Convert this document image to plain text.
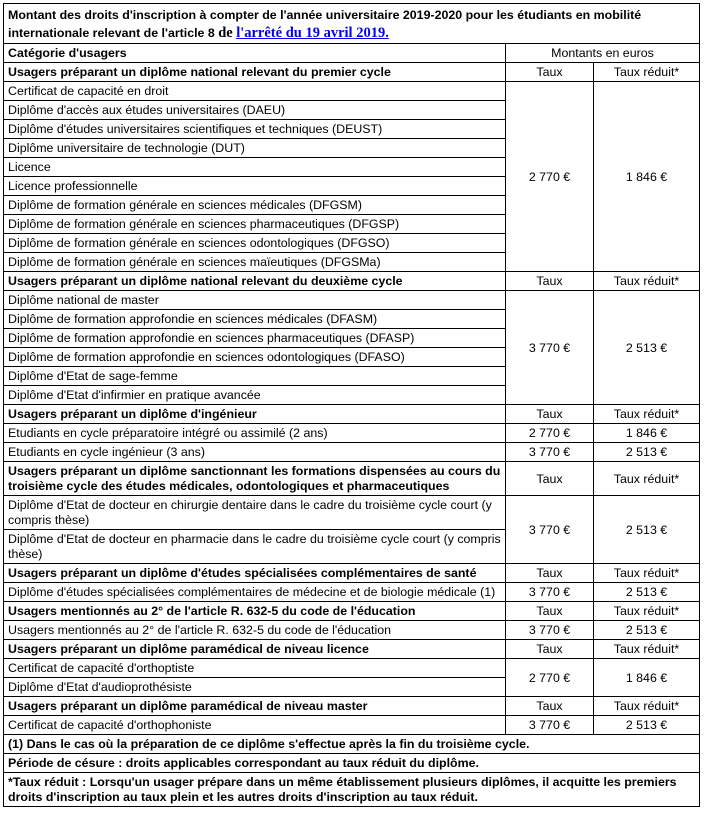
Montant des droits d'inscription à compter de l'année universitaire 2019-2020 pour les étudiants en mobilité internationale relevant de l'article 8 de l'arrêté du 19 avril 2019.		
Catégorie d'usagers	Montants en euros	
Usagers préparant un diplôme national relevant du premier cycle	Taux	Taux réduit*
Certificat de capacité en droit	2 770 €	1 846 €
Diplôme d'accès aux études universitaires (DAEU)		
Diplôme d'études universitaires scientifiques et techniques (DEUST)		
Diplôme universitaire de technologie (DUT)		
Licence		
Licence professionnelle		
Diplôme de formation générale en sciences médicales (DFGSM)		
Diplôme de formation générale en sciences pharmaceutiques (DFGSP)		
Diplôme de formation générale en sciences odontologiques (DFGSO)		
Diplôme de formation générale en sciences maïeutiques (DFGSMa)		
Usagers préparant un diplôme national relevant du deuxième cycle	Taux	Taux réduit*
Diplôme national de master	3 770 €	2 513 €
Diplôme de formation approfondie en sciences médicales (DFASM)		
Diplôme de formation approfondie en sciences pharmaceutiques (DFASP)		
Diplôme de formation approfondie en sciences odontologiques (DFASO)		
Diplôme d'Etat de sage-femme		
Diplôme d'Etat d'infirmier en pratique avancée		
Usagers préparant un diplôme d'ingénieur	Taux	Taux réduit*
Etudiants en cycle préparatoire intégré ou assimilé (2 ans)	2 770 €	1 846 €
Etudiants en cycle ingénieur (3 ans)	3 770 €	2 513 €
Usagers préparant un diplôme sanctionnant les formations dispensées au cours du troisième cycle des études médicales, odontologiques et pharmaceutiques	Taux	Taux réduit*
Diplôme d'Etat de docteur en chirurgie dentaire dans le cadre du troisième cycle court (y compris thèse)	3 770 €	2 513 €
Diplôme d'Etat de docteur en pharmacie dans le cadre du troisième cycle court (y compris thèse)		
Usagers préparant un diplôme d'études spécialisées complémentaires de santé	Taux	Taux réduit*
Diplôme d'études spécialisées complémentaires de médecine et de biologie médicale (1)	3 770 €	2 513 €
Usagers mentionnés au 2° de l'article R. 632-5 du code de l'éducation	Taux	Taux réduit*
Usagers mentionnés au 2° de l'article R. 632-5 du code de l'éducation	3 770 €	2 513 €
Usagers préparant un diplôme paramédical de niveau licence	Taux	Taux réduit*
Certificat de capacité d'orthoptiste	2 770 €	1 846 €
Diplôme d'Etat d'audioprothésiste		
Usagers préparant un diplôme paramédical de niveau master	Taux	Taux réduit*
Certificat de capacité d'orthophoniste	3 770 €	2 513 €
(1) Dans le cas où la préparation de ce diplôme s'effectue après la fin du troisième cycle.		
Période de césure : droits applicables correspondant au taux réduit du diplôme.		
*Taux réduit : Lorsqu'un usager prépare dans un même établissement plusieurs diplômes, il acquitte les premiers droits d'inscription au taux plein et les autres droits d'inscription au taux réduit.		
